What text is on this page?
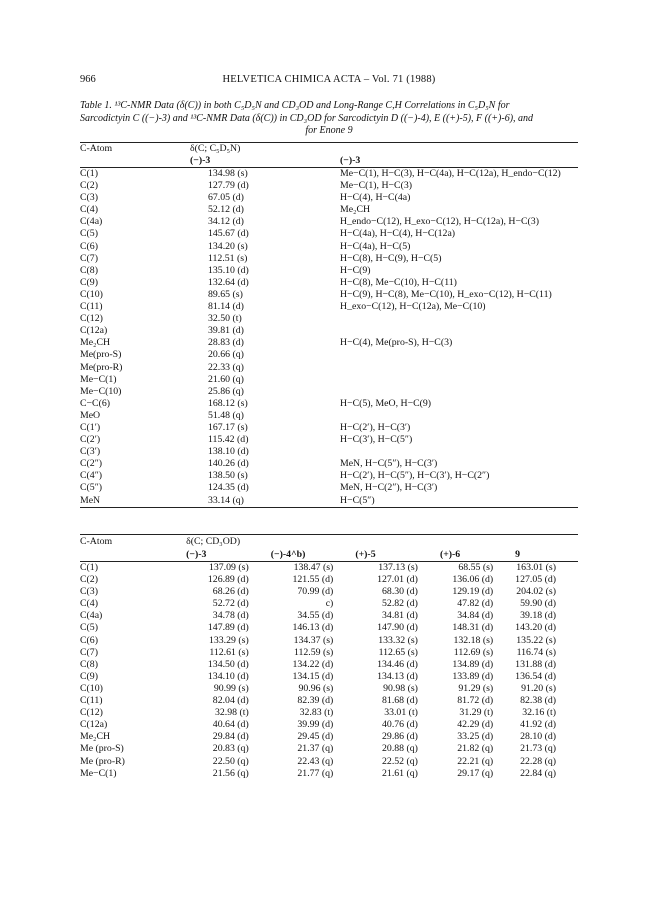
966	HELVETICA CHIMICA ACTA – Vol. 71 (1988)
Table 1. ¹³C-NMR Data (δ(C)) in both C₅D₅N and CD₃OD and Long-Range C,H Correlations in C₅D₅N for
Sarcodictyin C ((−)-3) and ¹³C-NMR Data (δ(C)) in CD₃OD for Sarcodictyin D ((−)-4), E ((+)-5), F ((+)-6), and
for Enone 9
C-Atom	δ(C; C₅D₅N)	
	(−)-3	(−)-3
C(1)	134.98 (s)	Me−C(1), H−C(3), H−C(4a), H−C(12a), H_endo−C(12)
C(2)	127.79 (d)	Me−C(1), H−C(3)
C(3)	67.05 (d)	H−C(4), H−C(4a)
C(4)	52.12 (d)	Me₂CH
C(4a)	34.12 (d)	H_endo−C(12), H_exo−C(12), H−C(12a), H−C(3)
C(5)	145.67 (d)	H−C(4a), H−C(4), H−C(12a)
C(6)	134.20 (s)	H−C(4a), H−C(5)
C(7)	112.51 (s)	H−C(8), H−C(9), H−C(5)
C(8)	135.10 (d)	H−C(9)
C(9)	132.64 (d)	H−C(8), Me−C(10), H−C(11)
C(10)	89.65 (s)	H−C(9), H−C(8), Me−C(10), H_exo−C(12), H−C(11)
C(11)	81.14 (d)	H_exo−C(12), H−C(12a), Me−C(10)
C(12)	32.50 (t)	
C(12a)	39.81 (d)	
Me₂CH	28.83 (d)	H−C(4), Me(pro-S), H−C(3)
Me(pro-S)	20.66 (q)	
Me(pro-R)	22.33 (q)	
Me−C(1)	21.60 (q)	
Me−C(10)	25.86 (q)	
C−C(6)	168.12 (s)	H−C(5), MeO, H−C(9)
MeO	51.48 (q)	
C(1′)	167.17 (s)	H−C(2′), H−C(3′)
C(2′)	115.42 (d)	H−C(3′), H−C(5″)
C(3′)	138.10 (d)	
C(2″)	140.26 (d)	MeN, H−C(5″), H−C(3′)
C(4″)	138.50 (s)	H−C(2′), H−C(5″), H−C(3′), H−C(2″)
C(5″)	124.35 (d)	MeN, H−C(2″), H−C(3′)
MeN	33.14 (q)	H−C(5″)
C-Atom	δ(C; CD₃OD)				
	(−)-3	(−)-4^b)	(+)-5	(+)-6	9
C(1)	137.09 (s)	138.47 (s)	137.13 (s)	68.55 (s)	163.01 (s)
C(2)	126.89 (d)	121.55 (d)	127.01 (d)	136.06 (d)	127.05 (d)
C(3)	68.26 (d)	70.99 (d)	68.30 (d)	129.19 (d)	204.02 (s)
C(4)	52.72 (d)	c)	52.82 (d)	47.82 (d)	59.90 (d)
C(4a)	34.78 (d)	34.55 (d)	34.81 (d)	34.84 (d)	39.18 (d)
C(5)	147.89 (d)	146.13 (d)	147.90 (d)	148.31 (d)	143.20 (d)
C(6)	133.29 (s)	134.37 (s)	133.32 (s)	132.18 (s)	135.22 (s)
C(7)	112.61 (s)	112.59 (s)	112.65 (s)	112.69 (s)	116.74 (s)
C(8)	134.50 (d)	134.22 (d)	134.46 (d)	134.89 (d)	131.88 (d)
C(9)	134.10 (d)	134.15 (d)	134.13 (d)	133.89 (d)	136.54 (d)
C(10)	90.99 (s)	90.96 (s)	90.98 (s)	91.29 (s)	91.20 (s)
C(11)	82.04 (d)	82.39 (d)	81.68 (d)	81.72 (d)	82.38 (d)
C(12)	32.98 (t)	32.83 (t)	33.01 (t)	31.29 (t)	32.16 (t)
C(12a)	40.64 (d)	39.99 (d)	40.76 (d)	42.29 (d)	41.92 (d)
Me₂CH	29.84 (d)	29.45 (d)	29.86 (d)	33.25 (d)	28.10 (d)
Me (pro-S)	20.83 (q)	21.37 (q)	20.88 (q)	21.82 (q)	21.73 (q)
Me (pro-R)	22.50 (q)	22.43 (q)	22.52 (q)	22.21 (q)	22.28 (q)
Me−C(1)	21.56 (q)	21.77 (q)	21.61 (q)	29.17 (q)	22.84 (q)
